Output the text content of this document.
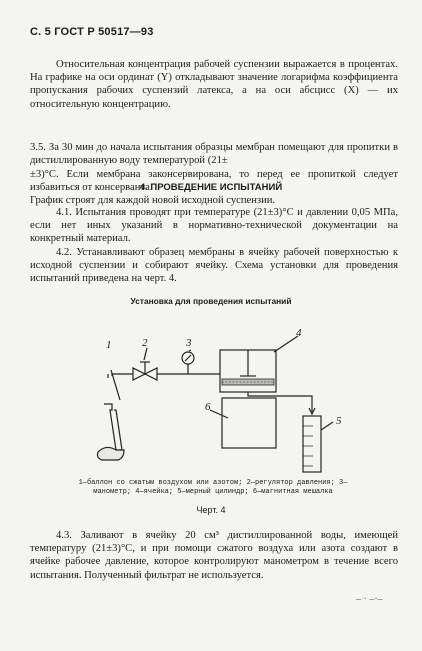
С. 5 ГОСТ Р 50517—93
Относительная концентрация рабочей суспензии выражается в процентах. На графике на оси ординат (Y) откладывают значение логарифма коэффициента пропускания рабочих суспензий латекса, а на оси абсцисс (X) — их относительную концентрацию.

3.5. За 30 мин до начала испытания образцы мембран помещают для пропитки в дистиллированную воду температурой (21±
±3)°С. Если мембрана законсервирована, то перед ее пропиткой следует избавиться от консерванта.
График строят для каждой новой исходной суспензии.

4. ПРОВЕДЕНИЕ ИСПЫТАНИЙ
4.1. Испытания проводят при температуре (21±3)°С и давлении 0,05 МПа, если нет иных указаний в нормативно-технической документации на конкретный материал.
4.2. Устанавливают образец мембраны в ячейку рабочей поверхностью к исходной суспензии и собирают ячейку. Схема установки для проведения испытаний приведена на черт. 4.
Установка для проведения испытаний
1	2	3
4
5
6
1—баллон со сжатым воздухом или азотом; 2—регулятор давления; 3—манометр; 4—ячейка; 5—мерный цилиндр; 6—магнитная мешалка
Черт. 4
4.3. Заливают в ячейку 20 см³ дистиллированной воды, имеющей температуру (21±3)°С, и при помощи сжатого воздуха или азота создают в ячейке рабочее давление, которое контролируют манометром в течение всего испытания. Полученный фильтрат не используется.
– · –·–
